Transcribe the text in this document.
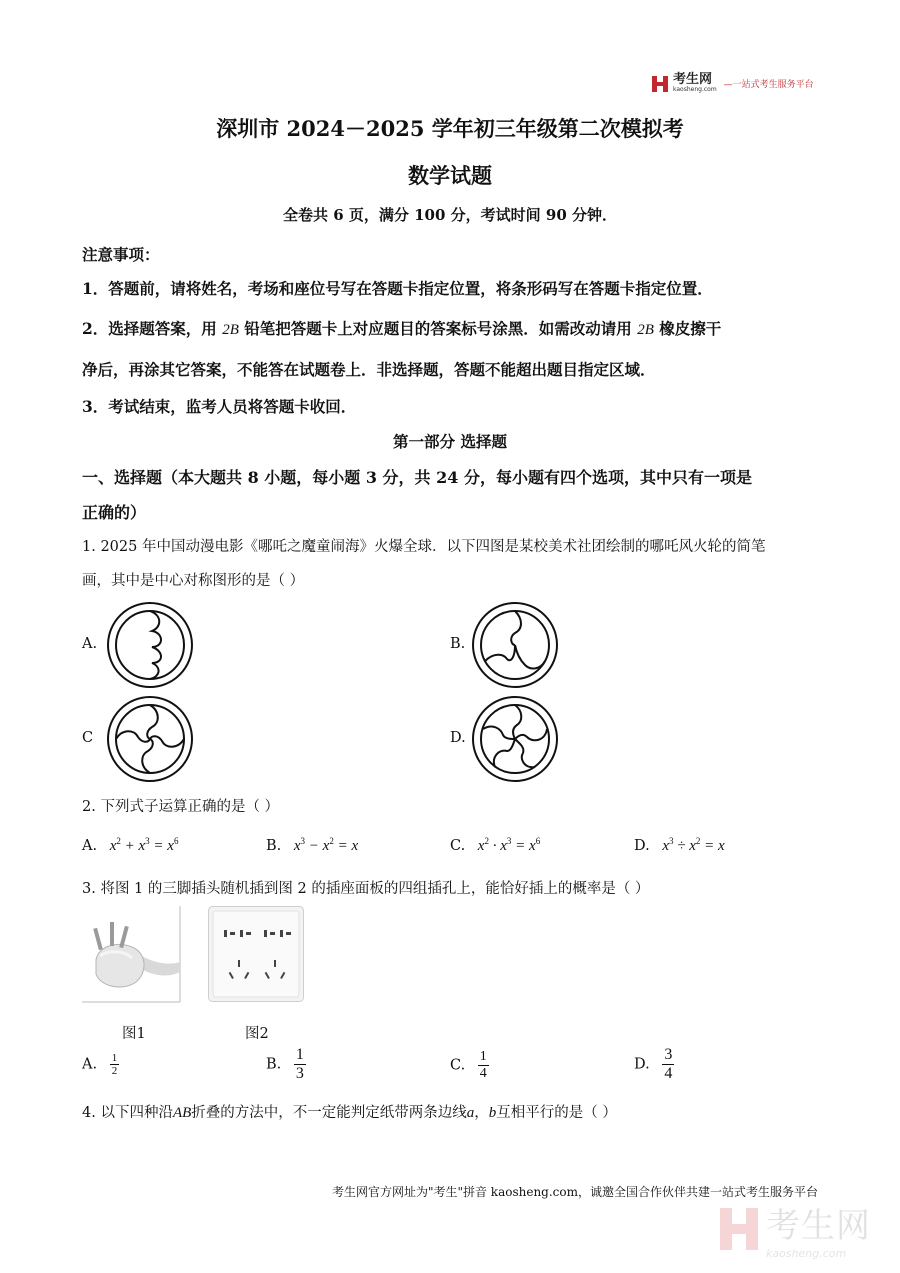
考生网
kaosheng.com —一站式考生服务平台
深圳市 2024－2025 学年初三年级第二次模拟考
数学试题
全卷共 6 页，满分 100 分，考试时间 90 分钟．
注意事项：
1．答题前，请将姓名，考场和座位号写在答题卡指定位置，将条形码写在答题卡指定位置．
2．选择题答案，用 2B 铅笔把答题卡上对应题目的答案标号涂黑．如需改动请用 2B 橡皮擦干
净后，再涂其它答案，不能答在试题卷上．非选择题，答题不能超出题目指定区域．
3．考试结束，监考人员将答题卡收回．
第一部分 选择题
一、选择题（本大题共 8 小题，每小题 3 分，共 24 分，每小题有四个选项，其中只有一项是
正确的）
1. 2025 年中国动漫电影《哪吒之魔童闹海》火爆全球．以下四图是某校美术社团绘制的哪吒风火轮的简笔
画，其中是中心对称图形的是（ ）
A.	B.
C	D.
2. 下列式子运算正确的是（ ）
A. $x^2 + x^3 = x^6$	B. $x^3 - x^2 = x$	C. $x^2 \cdot x^3 = x^6$	D. $x^3 \div x^2 = x$
3. 将图 1 的三脚插头随机插到图 2 的插座面板的四组插孔上，能恰好插上的概率是（ ）
图1	图2
A. $\frac{1}{2}$	B. $\frac{1}{3}$	C. $\frac{1}{4}$	D. $\frac{3}{4}$
4. 以下四种沿AB折叠的方法中，不一定能判定纸带两条边线a，b互相平行的是（ ）
考生网官方网址为"考生"拼音 kaosheng.com，诚邀全国合作伙伴共建一站式考生服务平台
考生网
kaosheng.com
